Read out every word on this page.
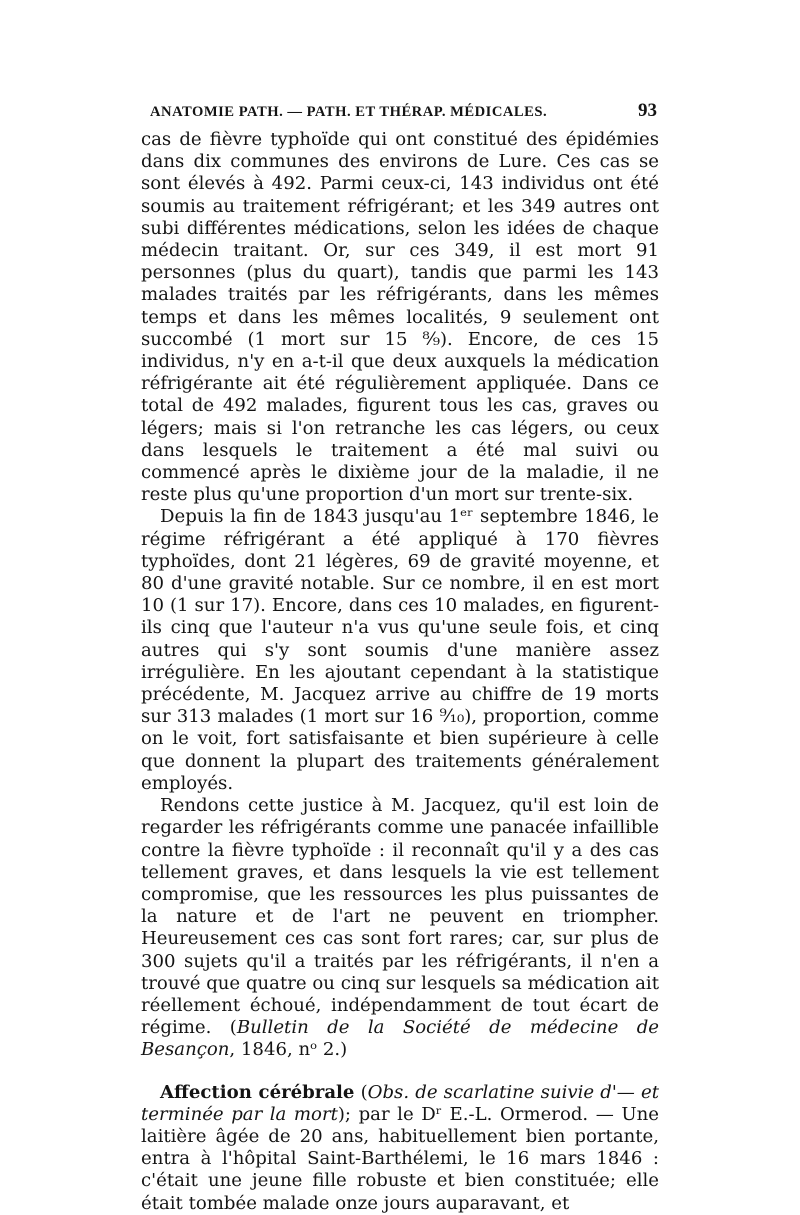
ANATOMIE PATH. — PATH. ET THÉRAP. MÉDICALES.	93

cas de fièvre typhoïde qui ont constitué des épidémies dans dix communes des environs de Lure. Ces cas se sont élevés à 492. Parmi ceux-ci, 143 individus ont été soumis au traitement réfrigérant; et les 349 autres ont subi différentes médications, selon les idées de chaque médecin traitant. Or, sur ces 349, il est mort 91 personnes (plus du quart), tandis que parmi les 143 malades traités par les réfrigérants, dans les mêmes temps et dans les mêmes localités, 9 seulement ont succombé (1 mort sur 15 ⁸⁄₉). Encore, de ces 15 individus, n'y en a-t-il que deux auxquels la médication réfrigérante ait été régulièrement appliquée. Dans ce total de 492 malades, figurent tous les cas, graves ou légers; mais si l'on retranche les cas légers, ou ceux dans lesquels le traitement a été mal suivi ou commencé après le dixième jour de la maladie, il ne reste plus qu'une proportion d'un mort sur trente-six.

Depuis la fin de 1843 jusqu'au 1ᵉʳ septembre 1846, le régime réfrigérant a été appliqué à 170 fièvres typhoïdes, dont 21 légères, 69 de gravité moyenne, et 80 d'une gravité notable. Sur ce nombre, il en est mort 10 (1 sur 17). Encore, dans ces 10 malades, en figurent-ils cinq que l'auteur n'a vus qu'une seule fois, et cinq autres qui s'y sont soumis d'une manière assez irrégulière. En les ajoutant cependant à la statistique précédente, M. Jacquez arrive au chiffre de 19 morts sur 313 malades (1 mort sur 16 ⁹⁄₁₀), proportion, comme on le voit, fort satisfaisante et bien supérieure à celle que donnent la plupart des traitements généralement employés.

Rendons cette justice à M. Jacquez, qu'il est loin de regarder les réfrigérants comme une panacée infaillible contre la fièvre typhoïde : il reconnaît qu'il y a des cas tellement graves, et dans lesquels la vie est tellement compromise, que les ressources les plus puissantes de la nature et de l'art ne peuvent en triompher. Heureusement ces cas sont fort rares; car, sur plus de 300 sujets qu'il a traités par les réfrigérants, il n'en a trouvé que quatre ou cinq sur lesquels sa médication ait réellement échoué, indépendamment de tout écart de régime. (Bulletin de la Société de médecine de Besançon, 1846, nᵒ 2.)

Affection cérébrale (Obs. de scarlatine suivie d'— et terminée par la mort); par le Dʳ E.-L. Ormerod. — Une laitière âgée de 20 ans, habituellement bien portante, entra à l'hôpital Saint-Barthélemi, le 16 mars 1846 : c'était une jeune fille robuste et bien constituée; elle était tombée malade onze jours auparavant, et
